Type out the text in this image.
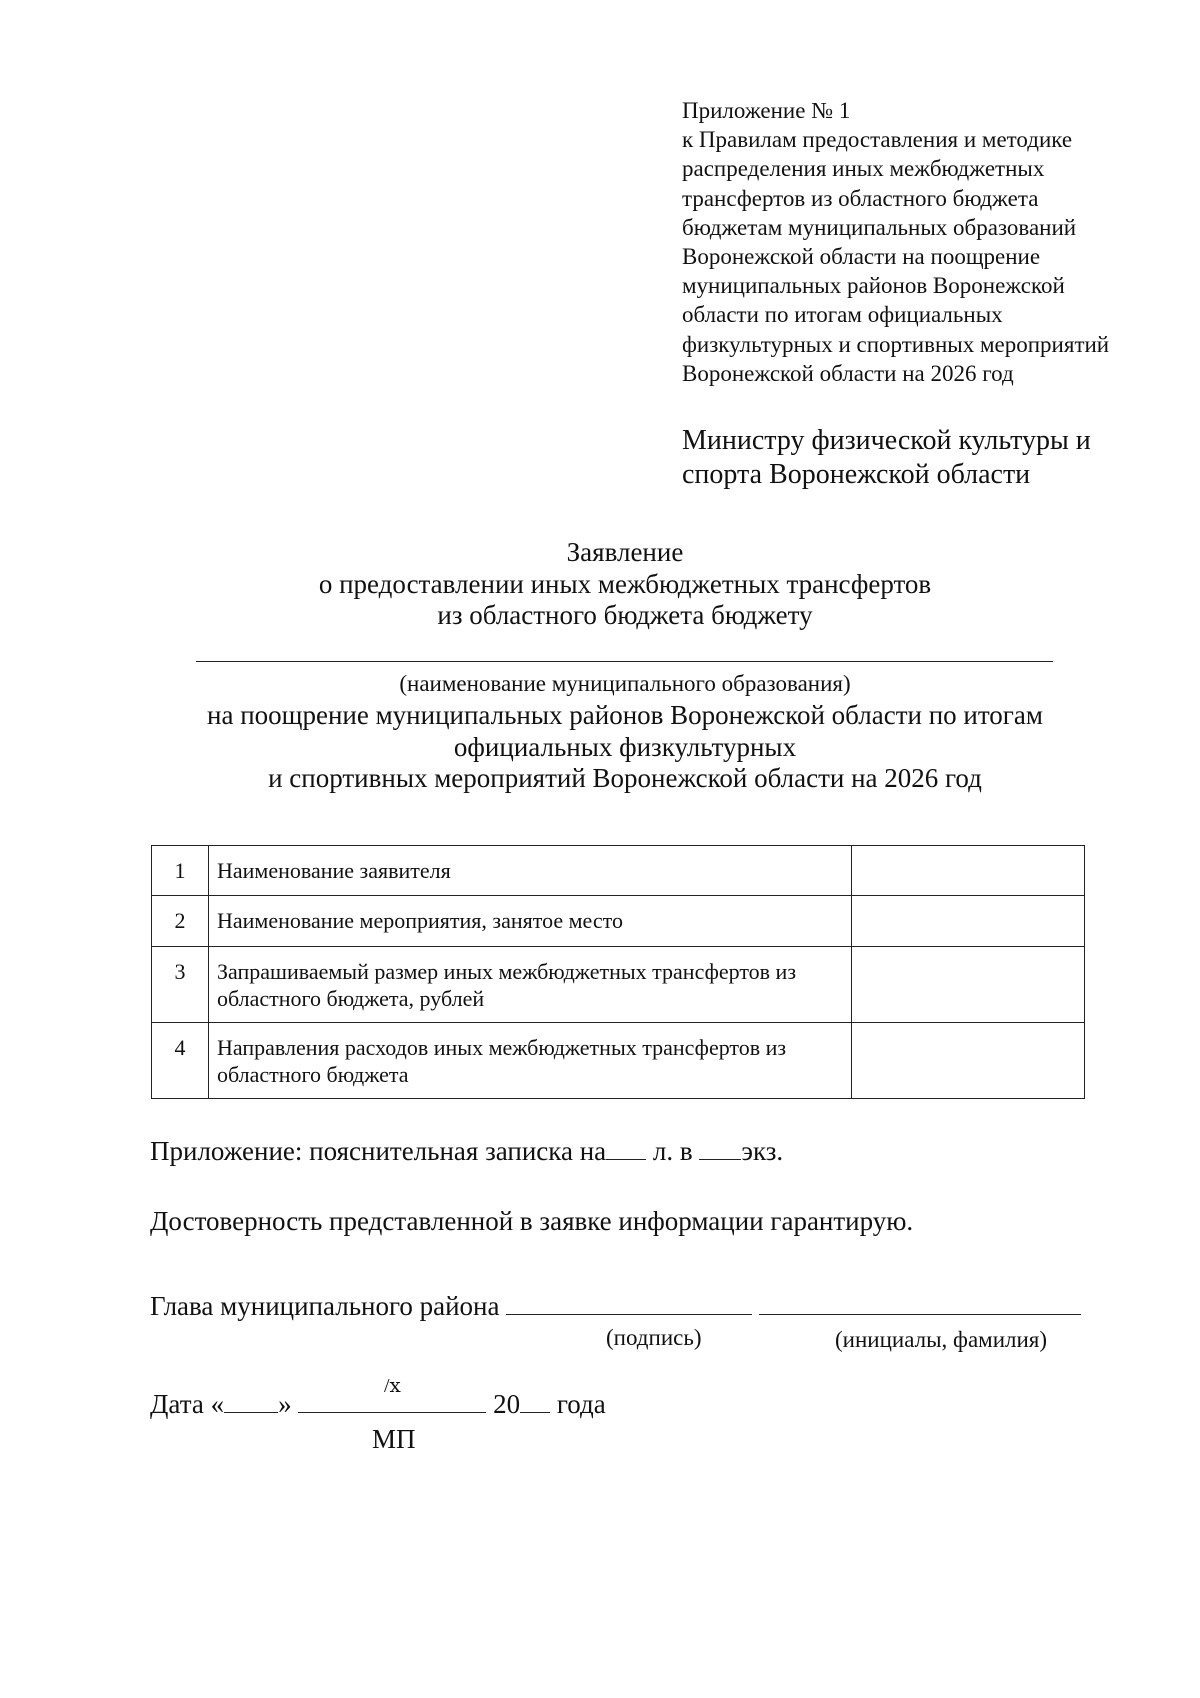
Приложение № 1
к Правилам предоставления и методике
распределения иных межбюджетных
трансфертов из областного бюджета
бюджетам муниципальных образований
Воронежской области на поощрение
муниципальных районов Воронежской
области по итогам официальных
физкультурных и спортивных мероприятий
Воронежской области на 2026 год
Министру физической культуры и
спорта Воронежской области
Заявление
о предоставлении иных межбюджетных трансфертов
из областного бюджета бюджету
(наименование муниципального образования)
на поощрение муниципальных районов Воронежской области по итогам
официальных физкультурных
и спортивных мероприятий Воронежской области на 2026 год
1	Наименование заявителя	
2	Наименование мероприятия, занятое место	
3	Запрашиваемый размер иных межбюджетных трансфертов из областного бюджета, рублей	
4	Направления расходов иных межбюджетных трансфертов из областного бюджета	
Приложение: пояснительная записка на л. в экз.
Достоверность представленной в заявке информации гарантирую.
Глава муниципального района
(подпись)	(инициалы, фамилия)
Дата « »	20 года
/ⅹ
МП
